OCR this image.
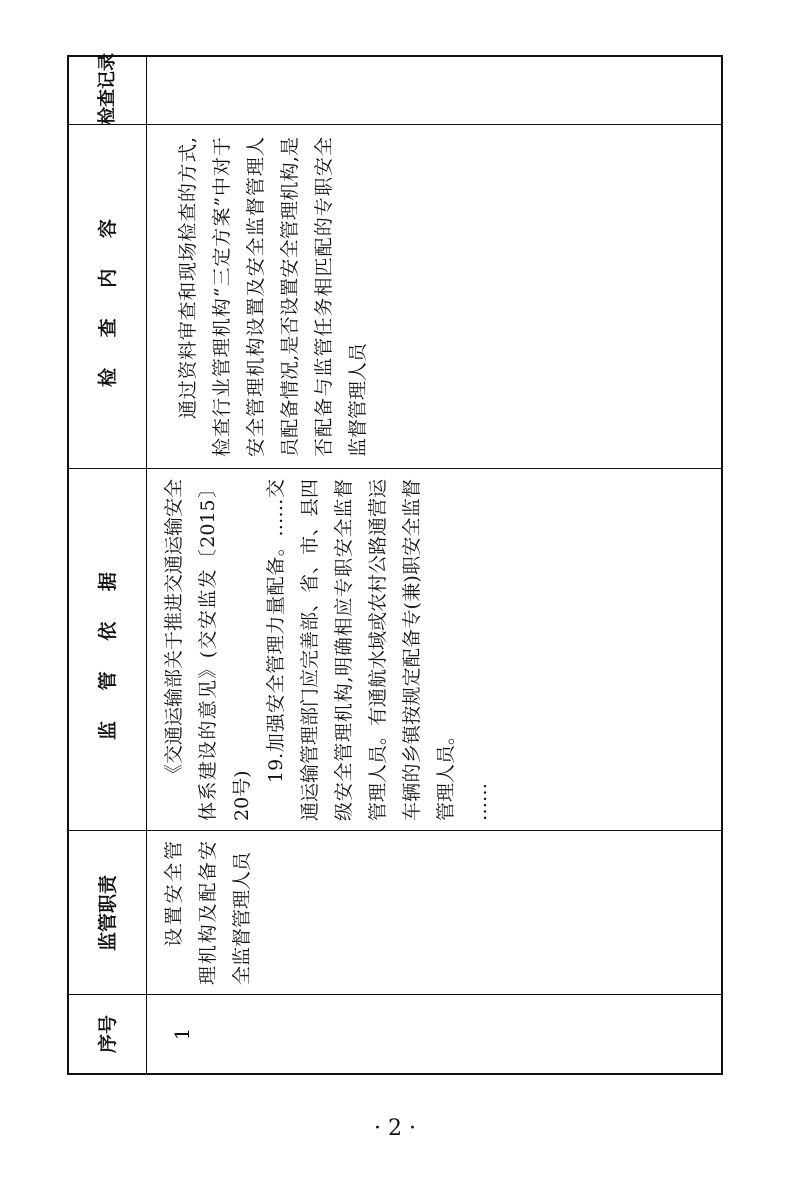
序号
监管职责
监 管 依 据
检 查 内 容
检查
记录
1

设置安全管理机构及配备安全监督管理人员

《交通运输部关于推进交通运输安全体系建设的意见》(交安监发〔2015〕20号)

19.加强安全管理力量配备。……交通运输管理部门应完善部、省、市、县四级安全管理机构,明确相应专职安全监督管理人员。有通航水域或农村公路通营运车辆的乡镇按规定配备专(兼)职安全监督管理人员。 ……

通过资料审查和现场检查的方式,检查行业管理机构“三定方案”中对于安全管理机构设置及安全监督管理人员配备情况,是否设置安全管理机构,是否配备与监管任务相匹配的专职安全监督管理人员

· 2 ·
